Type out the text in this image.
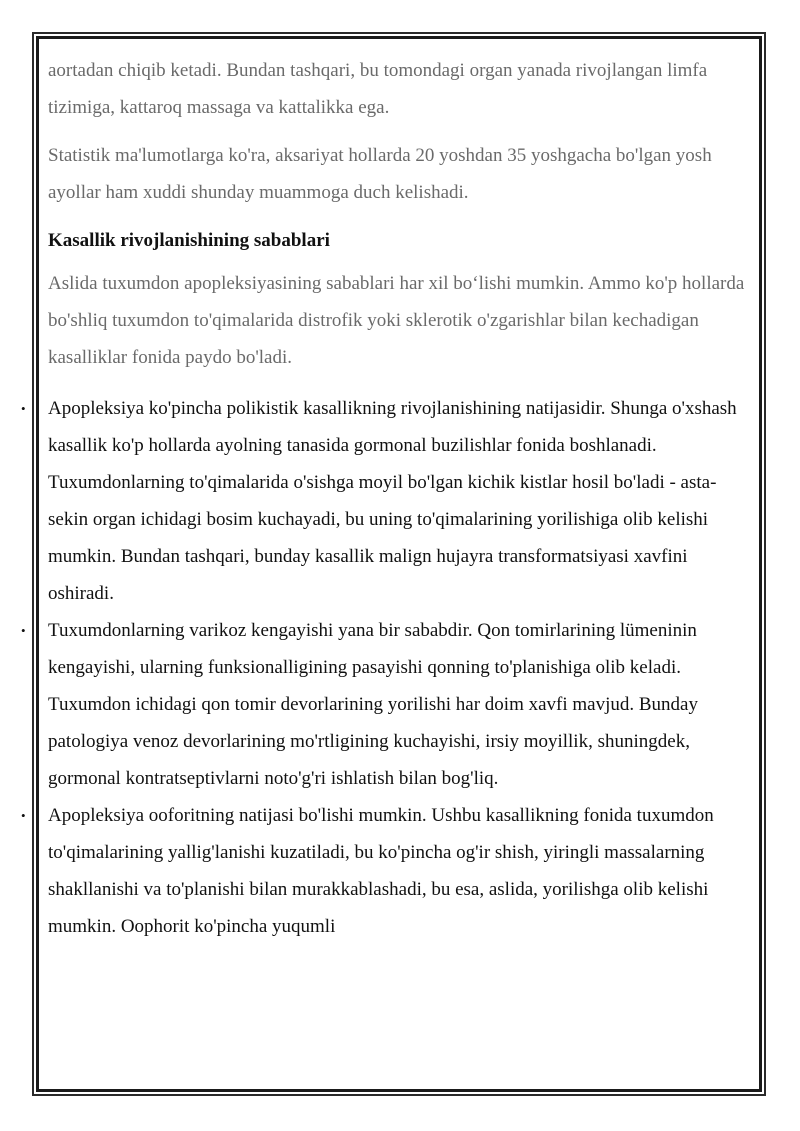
aortadan chiqib ketadi. Bundan tashqari, bu tomondagi organ yanada rivojlangan limfa tizimiga, kattaroq massaga va kattalikka ega.

Statistik ma'lumotlarga ko'ra, aksariyat hollarda 20 yoshdan 35 yoshgacha bo'lgan yosh ayollar ham xuddi shunday muammoga duch kelishadi.

Kasallik rivojlanishining sabablari

Aslida tuxumdon apopleksiyasining sabablari har xil bo‘lishi mumkin. Ammo ko'p hollarda bo'shliq tuxumdon to'qimalarida distrofik yoki sklerotik o'zgarishlar bilan kechadigan kasalliklar fonida paydo bo'ladi.

• Apopleksiya ko'pincha polikistik kasallikning rivojlanishining natijasidir. Shunga o'xshash kasallik ko'p hollarda ayolning tanasida gormonal buzilishlar fonida boshlanadi. Tuxumdonlarning to'qimalarida o'sishga moyil bo'lgan kichik kistlar hosil bo'ladi - asta-sekin organ ichidagi bosim kuchayadi, bu uning to'qimalarining yorilishiga olib kelishi mumkin. Bundan tashqari, bunday kasallik malign hujayra transformatsiyasi xavfini oshiradi.
• Tuxumdonlarning varikoz kengayishi yana bir sababdir. Qon tomirlarining lümeninin kengayishi, ularning funksionalligining pasayishi qonning to'planishiga olib keladi. Tuxumdon ichidagi qon tomir devorlarining yorilishi har doim xavfi mavjud. Bunday patologiya venoz devorlarining mo'rtligining kuchayishi, irsiy moyillik, shuningdek, gormonal kontratseptivlarni noto'g'ri ishlatish bilan bog'liq.
• Apopleksiya ooforitning natijasi bo'lishi mumkin. Ushbu kasallikning fonida tuxumdon to'qimalarining yallig'lanishi kuzatiladi, bu ko'pincha og'ir shish, yiringli massalarning shakllanishi va to'planishi bilan murakkablashadi, bu esa, aslida, yorilishga olib kelishi mumkin. Oophorit ko'pincha yuqumli
